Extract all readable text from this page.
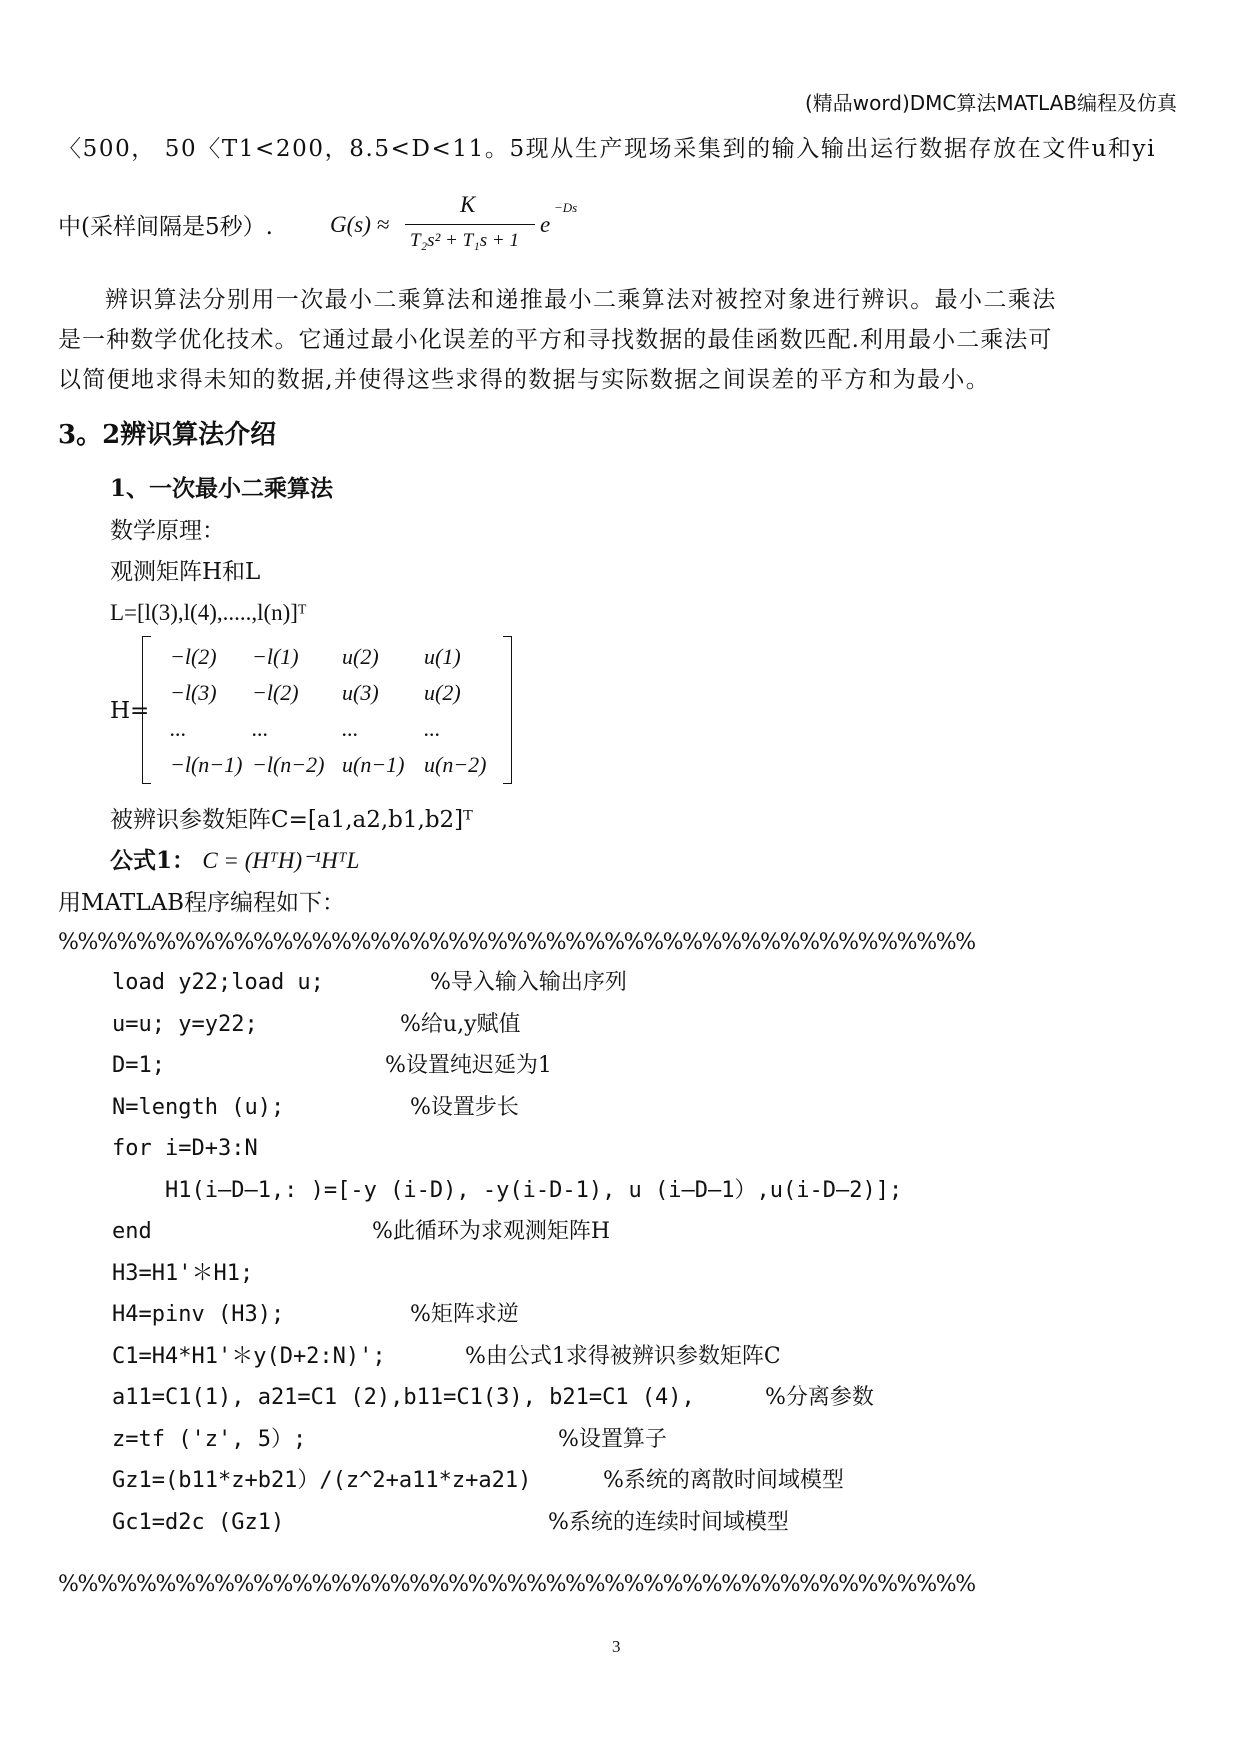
(精品word)DMC算法MATLAB编程及仿真
〈500， 50〈T1<200，8.5<D<11。5现从生产现场采集到的输入输出运行数据存放在文件u和yi
中(采样间隔是5秒）. G(s) ≈
K
T₂s² + T₁s + 1
e
−Ds
辨识算法分别用一次最小二乘算法和递推最小二乘算法对被控对象进行辨识。最小二乘法
是一种数学优化技术。它通过最小化误差的平方和寻找数据的最佳函数匹配.利用最小二乘法可
以简便地求得未知的数据,并使得这些求得的数据与实际数据之间误差的平方和为最小。
3。2辨识算法介绍
1、一次最小二乘算法
数学原理：
观测矩阵H和L
L=[l(3),l(4),.....,l(n)]ᵀ
H=
−l(2) −l(1) u(2) u(1)
−l(3) −l(2) u(3) u(2)
...	...	...	...
−l(n−1) −l(n−2) u(n−1) u(n−2)
被辨识参数矩阵C=[a1,a2,b1,b2]ᵀ
公式1： C = (HᵀH)⁻¹HᵀL
用MATLAB程序编程如下：
%%%%%%%%%%%%%%%%%%%%%%%%%%%%%%%%%%%%%%%%%%%%%%%
load y22;load u;	%导入输入输出序列
u=u; y=y22;	%给u,y赋值
D=1;	%设置纯迟延为1
N=length (u);	%设置步长
for i=D+3:N
H1(i—D—1,: )=[-y (i-D), -y(i-D-1), u (i—D—1）,u(i-D—2)];
end	%此循环为求观测矩阵H
H3=H1'＊H1;
H4=pinv (H3);	%矩阵求逆
C1=H4*H1'＊y(D+2:N)';	%由公式1求得被辨识参数矩阵C
a11=C1(1), a21=C1 (2),b11=C1(3), b21=C1 (4),	%分离参数
z=tf ('z', 5）;	%设置算子
Gz1=(b11*z+b21）/(z^2+a11*z+a21)	%系统的离散时间域模型
Gc1=d2c (Gz1)	%系统的连续时间域模型
%%%%%%%%%%%%%%%%%%%%%%%%%%%%%%%%%%%%%%%%%%%%%%%
3
